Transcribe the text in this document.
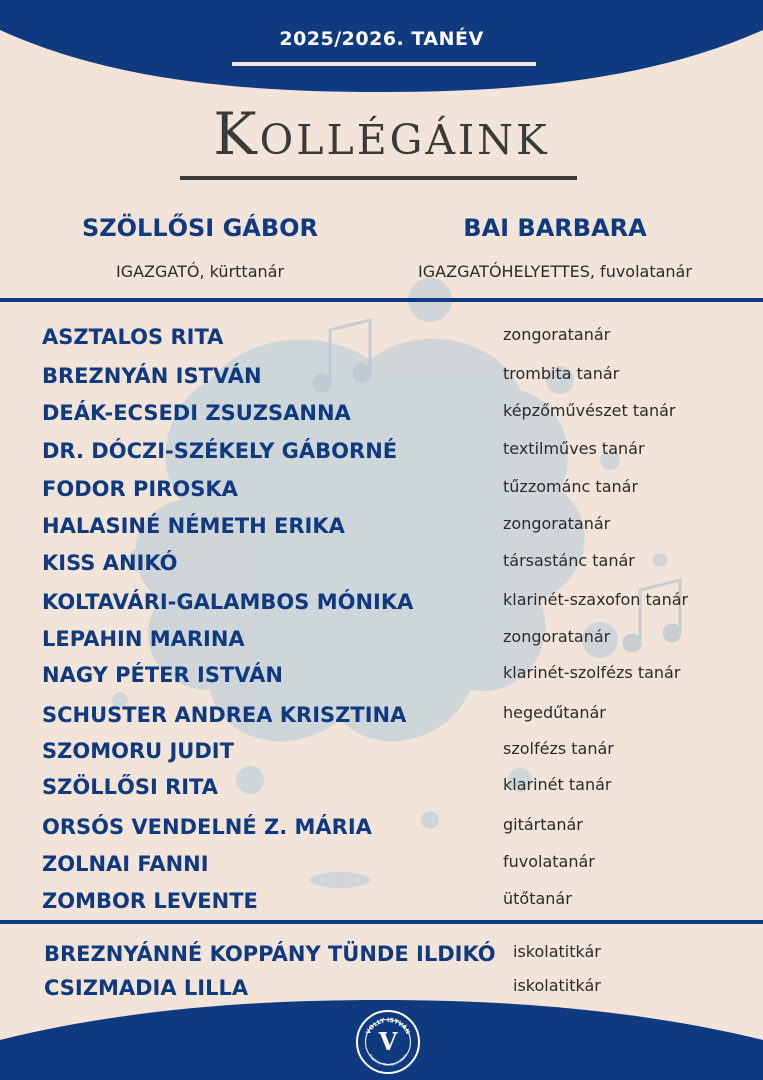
2025/2026. TANÉV
Kollégáink
SZÖLLŐSI GÁBOR
IGAZGATÓ, kürttanár
BAI BARBARA
IGAZGATÓHELYETTES, fuvolatanár
ASZTALOS RITA	zongoratanár
BREZNYÁN ISTVÁN	trombita tanár
DEÁK-ECSEDI ZSUZSANNA	képzőművészet tanár
DR. DÓCZI-SZÉKELY GÁBORNÉ	textilműves tanár
FODOR PIROSKA	tűzzománc tanár
HALASINÉ NÉMETH ERIKA	zongoratanár
KISS ANIKÓ	társastánc tanár
KOLTAVÁRI-GALAMBOS MÓNIKA	klarinét-szaxofon tanár
LEPAHIN MARINA	zongoratanár
NAGY PÉTER ISTVÁN	klarinét-szolfézs tanár
SCHUSTER ANDREA KRISZTINA	hegedűtanár
SZOMORU JUDIT	szolfézs tanár
SZÖLLŐSI RITA	klarinét tanár
ORSÓS VENDELNÉ Z. MÁRIA	gitártanár
ZOLNAI FANNI	fuvolatanár
ZOMBOR LEVENTE	ütőtanár
BREZNYÁNNÉ KOPPÁNY TÜNDE ILDIKÓ iskolatitkár
CSIZMADIA LILLA	iskolatitkár
VOLLY ISTVÁN
Alapfokú Művészeti Iskola
V
